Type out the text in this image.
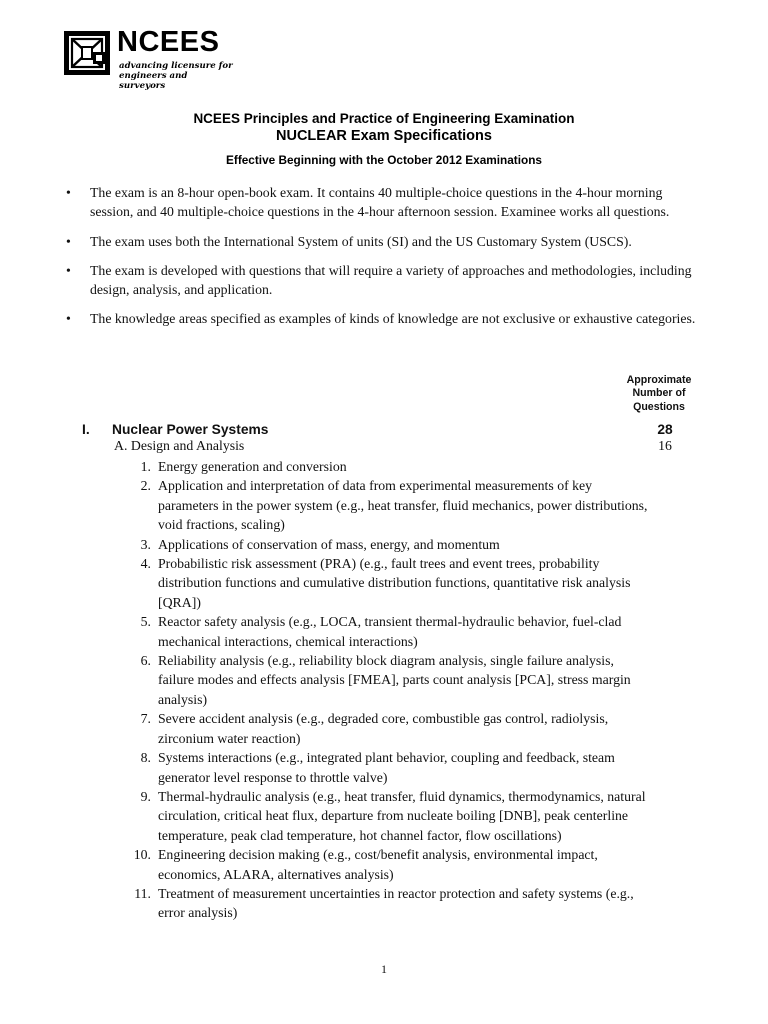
NCEES
advancing licensure for
engineers and surveyors
NCEES Principles and Practice of Engineering Examination
NUCLEAR Exam Specifications
Effective Beginning with the October 2012 Examinations
• The exam is an 8-hour open-book exam. It contains 40 multiple-choice questions in the 4-hour morning session, and 40 multiple-choice questions in the 4-hour afternoon session. Examinee works all questions.
• The exam uses both the International System of units (SI) and the US Customary System (USCS).
• The exam is developed with questions that will require a variety of approaches and methodologies, including design, analysis, and application.
• The knowledge areas specified as examples of kinds of knowledge are not exclusive or exhaustive categories.
Approximate
Number of
Questions
I. Nuclear Power Systems	28
A. Design and Analysis	16
1. Energy generation and conversion
2. Application and interpretation of data from experimental measurements of key parameters in the power system (e.g., heat transfer, fluid mechanics, power distributions, void fractions, scaling)
3. Applications of conservation of mass, energy, and momentum
4. Probabilistic risk assessment (PRA) (e.g., fault trees and event trees, probability distribution functions and cumulative distribution functions, quantitative risk analysis [QRA])
5. Reactor safety analysis (e.g., LOCA, transient thermal-hydraulic behavior, fuel-clad mechanical interactions, chemical interactions)
6. Reliability analysis (e.g., reliability block diagram analysis, single failure analysis, failure modes and effects analysis [FMEA], parts count analysis [PCA], stress margin analysis)
7. Severe accident analysis (e.g., degraded core, combustible gas control, radiolysis, zirconium water reaction)
8. Systems interactions (e.g., integrated plant behavior, coupling and feedback, steam generator level response to throttle valve)
9. Thermal-hydraulic analysis (e.g., heat transfer, fluid dynamics, thermodynamics, natural circulation, critical heat flux, departure from nucleate boiling [DNB], peak centerline temperature, peak clad temperature, hot channel factor, flow oscillations)
10. Engineering decision making (e.g., cost/benefit analysis, environmental impact, economics, ALARA, alternatives analysis)
11. Treatment of measurement uncertainties in reactor protection and safety systems (e.g., error analysis)
1
